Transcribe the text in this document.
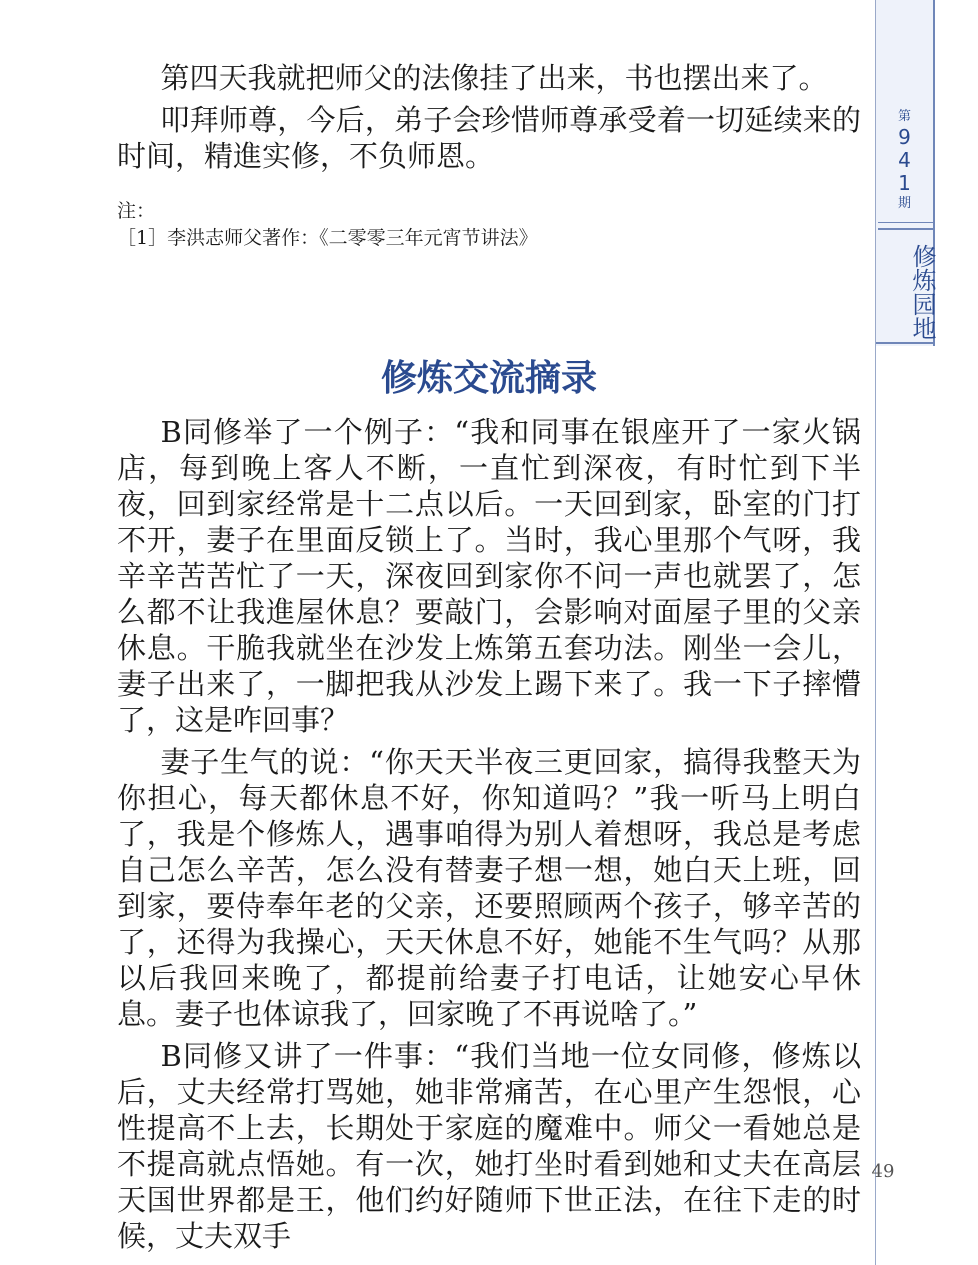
第
9
4
1
期
修炼园地

第四天我就把师父的法像挂了出来，书也摆出来了。

叩拜师尊，今后，弟子会珍惜师尊承受着一切延续来的时间，精進实修，不负师恩。

注：

［1］李洪志师父著作：《二零零三年元宵节讲法》

修炼交流摘录

B同修举了一个例子：“我和同事在银座开了一家火锅店，每到晚上客人不断，一直忙到深夜，有时忙到下半夜，回到家经常是十二点以后。一天回到家，卧室的门打不开，妻子在里面反锁上了。当时，我心里那个气呀，我辛辛苦苦忙了一天，深夜回到家你不问一声也就罢了，怎么都不让我進屋休息？要敲门，会影响对面屋子里的父亲休息。干脆我就坐在沙发上炼第五套功法。刚坐一会儿，妻子出来了，一脚把我从沙发上踢下来了。我一下子摔懵了，这是咋回事？

妻子生气的说：“你天天半夜三更回家，搞得我整天为你担心，每天都休息不好，你知道吗？”我一听马上明白了，我是个修炼人，遇事咱得为别人着想呀，我总是考虑自己怎么辛苦，怎么没有替妻子想一想，她白天上班，回到家，要侍奉年老的父亲，还要照顾两个孩子，够辛苦的了，还得为我操心，天天休息不好，她能不生气吗？从那以后我回来晚了，都提前给妻子打电话，让她安心早休息。妻子也体谅我了，回家晚了不再说啥了。”

B同修又讲了一件事：“我们当地一位女同修，修炼以后，丈夫经常打骂她，她非常痛苦，在心里产生怨恨，心性提高不上去，长期处于家庭的魔难中。师父一看她总是不提高就点悟她。有一次，她打坐时看到她和丈夫在高层天国世界都是王，他们约好随师下世正法，在往下走的时候，丈夫双手

49
